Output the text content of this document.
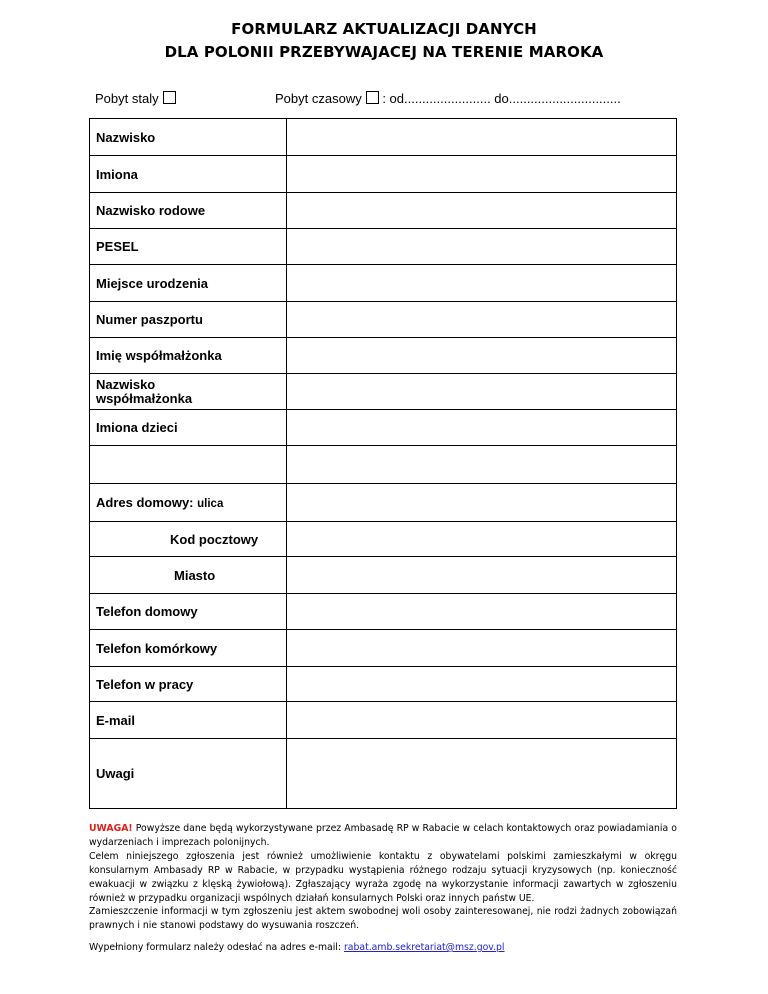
FORMULARZ AKTUALIZACJI DANYCH
DLA POLONII PRZEBYWAJACEJ NA TERENIE MAROKA
Pobyt staly	Pobyt czasowy : od........................ do...............................
Nazwisko	
Imiona	
Nazwisko rodowe	
PESEL	
Miejsce urodzenia	
Numer paszportu	
Imię współmałżonka	

Nazwisko
współmałżonka	

Imiona dzieci	

Adres domowy: ulica	
Kod pocztowy	
Miasto	
Telefon domowy	
Telefon komórkowy	
Telefon w pracy	
E-mail	
Uwagi	
UWAGA! Powyższe dane będą wykorzystywane przez Ambasadę RP w Rabacie w celach kontaktowych oraz powiadamiania o wydarzeniach i imprezach polonijnych.
Celem niniejszego zgłoszenia jest również umożliwienie kontaktu z obywatelami polskimi zamieszkałymi w okręgu konsularnym Ambasady RP w Rabacie, w przypadku wystąpienia różnego rodzaju sytuacji kryzysowych (np. konieczność ewakuacji w związku z klęską żywiołową). Zgłaszający wyraża zgodę na wykorzystanie informacji zawartych w zgłoszeniu również w przypadku organizacji wspólnych działań konsularnych Polski oraz innych państw UE.
Zamieszczenie informacji w tym zgłoszeniu jest aktem swobodnej woli osoby zainteresowanej, nie rodzi żadnych zobowiązań prawnych i nie stanowi podstawy do wysuwania roszczeń.
Wypełniony formularz należy odesłać na adres e-mail: rabat.amb.sekretariat@msz.gov.pl
